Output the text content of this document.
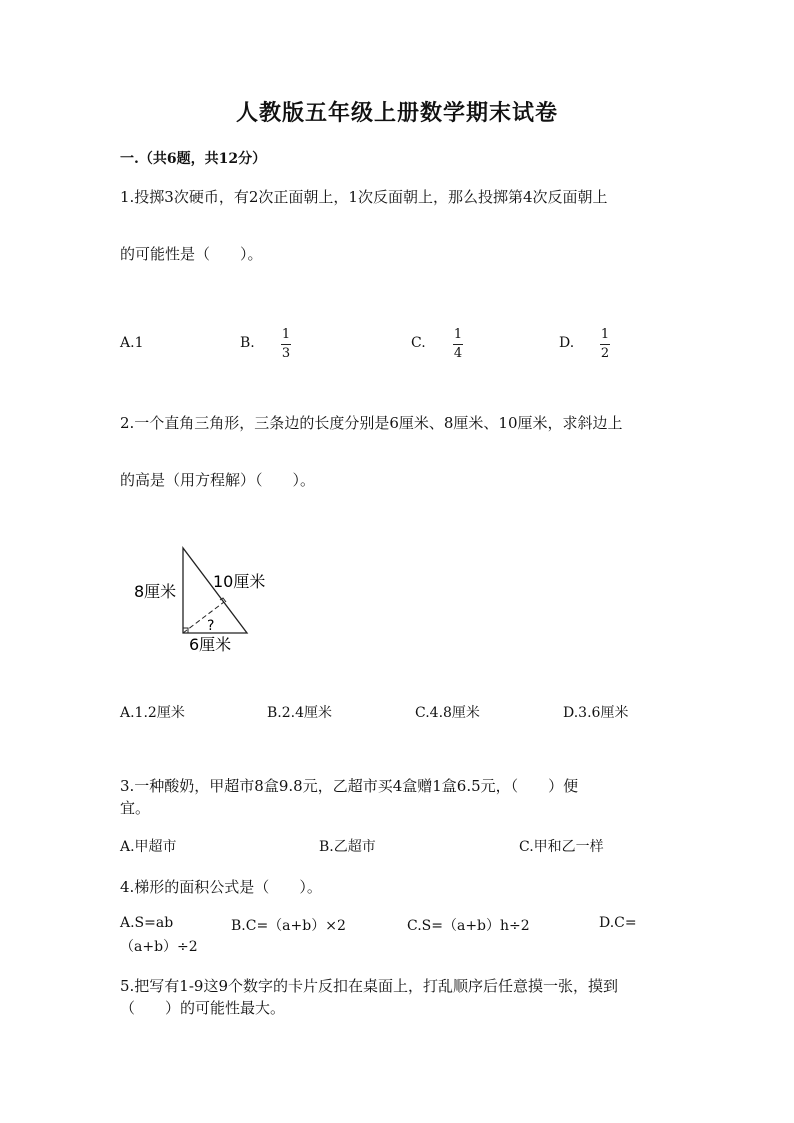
人教版五年级上册数学期末试卷
一.（共6题，共12分）
1.投掷3次硬币，有2次正面朝上，1次反面朝上，那么投掷第4次反面朝上
的可能性是（　　）。
A.1	B.
1
3
C.
1
4
D.
1
2
2.一个直角三角形，三条边的长度分别是6厘米、8厘米、10厘米，求斜边上
的高是（用方程解）（　　）。
8厘米
10厘米
6厘米
?
A.1.2厘米	B.2.4厘米	C.4.8厘米	D.3.6厘米
3.一种酸奶，甲超市8盒9.8元，乙超市买4盒赠1盒6.5元，（　　）便
宜。
A.甲超市	B.乙超市	C.甲和乙一样
4.梯形的面积公式是（　　）。
A.S=ab	B.C=（a+b）×2	C.S=（a+b）h÷2	D.C=
（a+b）÷2
5.把写有1-9这9个数字的卡片反扣在桌面上，打乱顺序后任意摸一张，摸到
（　　）的可能性最大。
